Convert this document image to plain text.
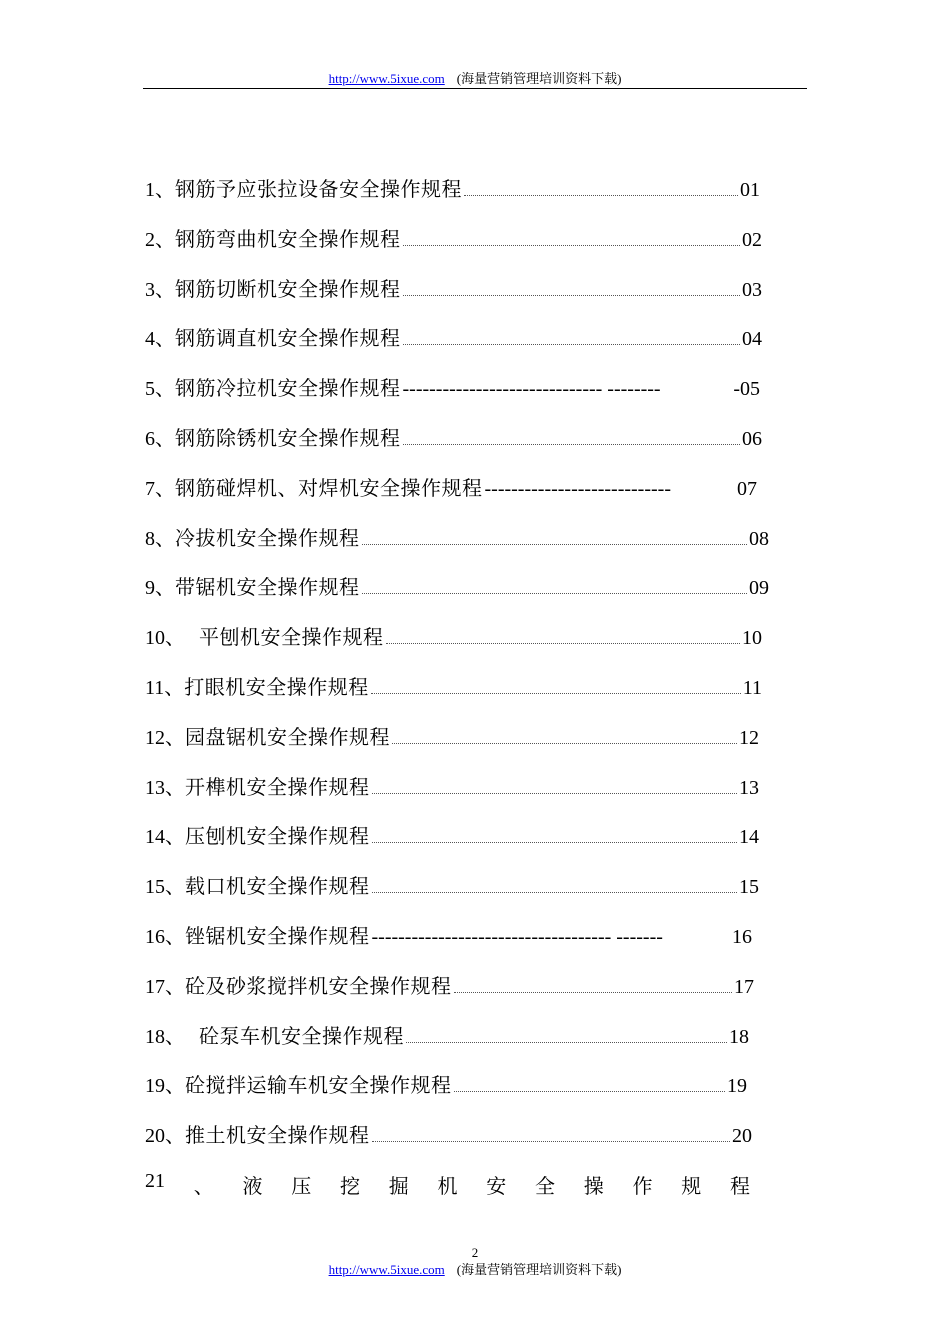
http://www.5ixue.com (海量营销管理培训资料下载)
1、 钢筋予应张拉设备安全操作规程	01
2、 钢筋弯曲机安全操作规程	02
3、 钢筋切断机安全操作规程	03
4、 钢筋调直机安全操作规程	04
5、 钢筋冷拉机安全操作规程 ------------------------------ --------	-05
6、 钢筋除锈机安全操作规程	06
7、 钢筋碰焊机、对焊机安全操作规程 ----------------------------	07
8、 冷拔机安全操作规程	08
9、 带锯机安全操作规程	09
10、 平刨机安全操作规程	10
11、 打眼机安全操作规程	11
12、 园盘锯机安全操作规程	12
13、 开榫机安全操作规程	13
14、 压刨机安全操作规程	14
15、 载口机安全操作规程	15
16、 锉锯机安全操作规程 ------------------------------------ -------	16
17、 砼及砂浆搅拌机安全操作规程	17
18、 砼泵车机安全操作规程	18
19、 砼搅拌运输车机安全操作规程	19
20、 推土机安全操作规程	20
21 、 液 压 挖 掘 机 安 全 操 作 规 程
2
http://www.5ixue.com (海量营销管理培训资料下载)
